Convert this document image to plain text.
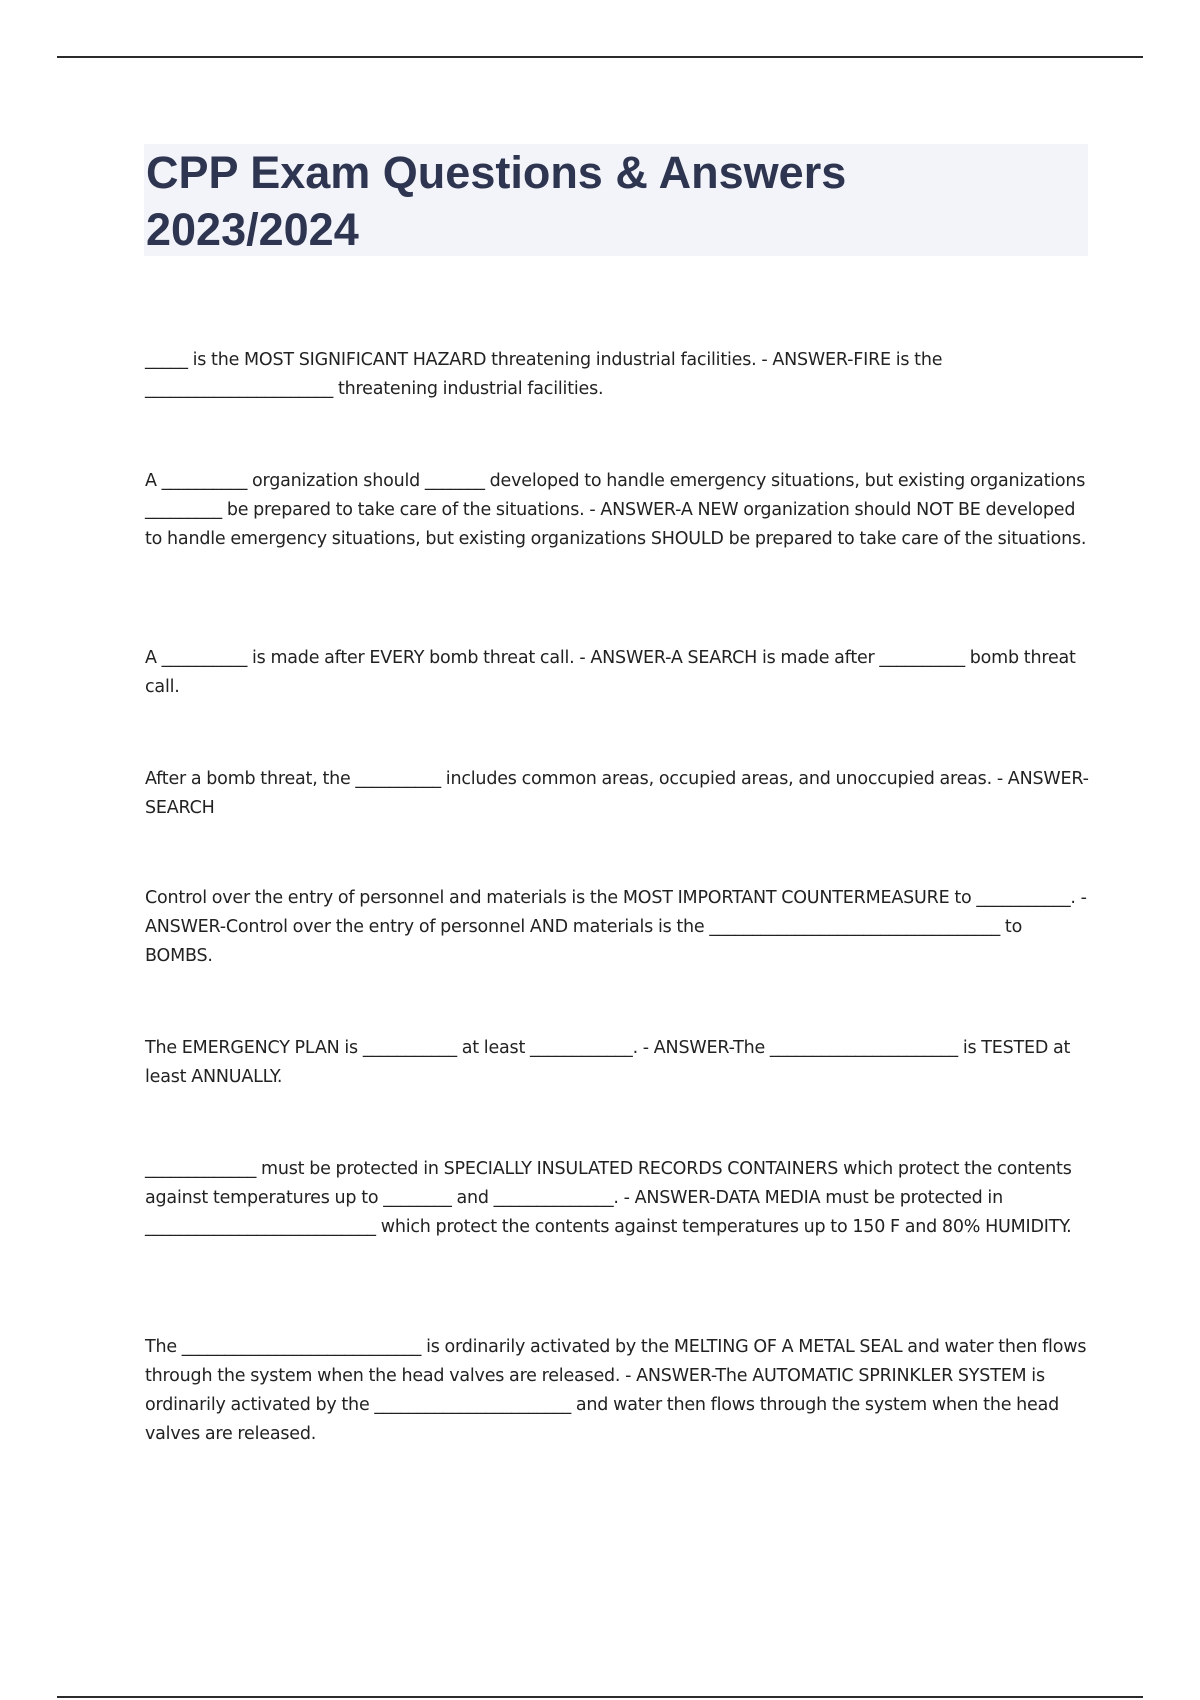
CPP Exam Questions & Answers
2023/2024

_____ is the MOST SIGNIFICANT HAZARD threatening industrial facilities. - ANSWER-FIRE is the ______________________ threatening industrial facilities.

A __________ organization should _______ developed to handle emergency situations, but existing organizations _________ be prepared to take care of the situations. - ANSWER-A NEW organization should NOT BE developed to handle emergency situations, but existing organizations SHOULD be prepared to take care of the situations.

A __________ is made after EVERY bomb threat call. - ANSWER-A SEARCH is made after __________ bomb threat call.

After a bomb threat, the __________ includes common areas, occupied areas, and unoccupied areas. - ANSWER-SEARCH

Control over the entry of personnel and materials is the MOST IMPORTANT COUNTERMEASURE to ___________. - ANSWER-Control over the entry of personnel AND materials is the __________________________________ to BOMBS.

The EMERGENCY PLAN is ___________ at least ____________. - ANSWER-The ______________________ is TESTED at least ANNUALLY.

_____________ must be protected in SPECIALLY INSULATED RECORDS CONTAINERS which protect the contents against temperatures up to ________ and ______________. - ANSWER-DATA MEDIA must be protected in ___________________________ which protect the contents against temperatures up to 150 F and 80% HUMIDITY.

The ____________________________ is ordinarily activated by the MELTING OF A METAL SEAL and water then flows through the system when the head valves are released. - ANSWER-The AUTOMATIC SPRINKLER SYSTEM is ordinarily activated by the _______________________ and water then flows through the system when the head valves are released.
